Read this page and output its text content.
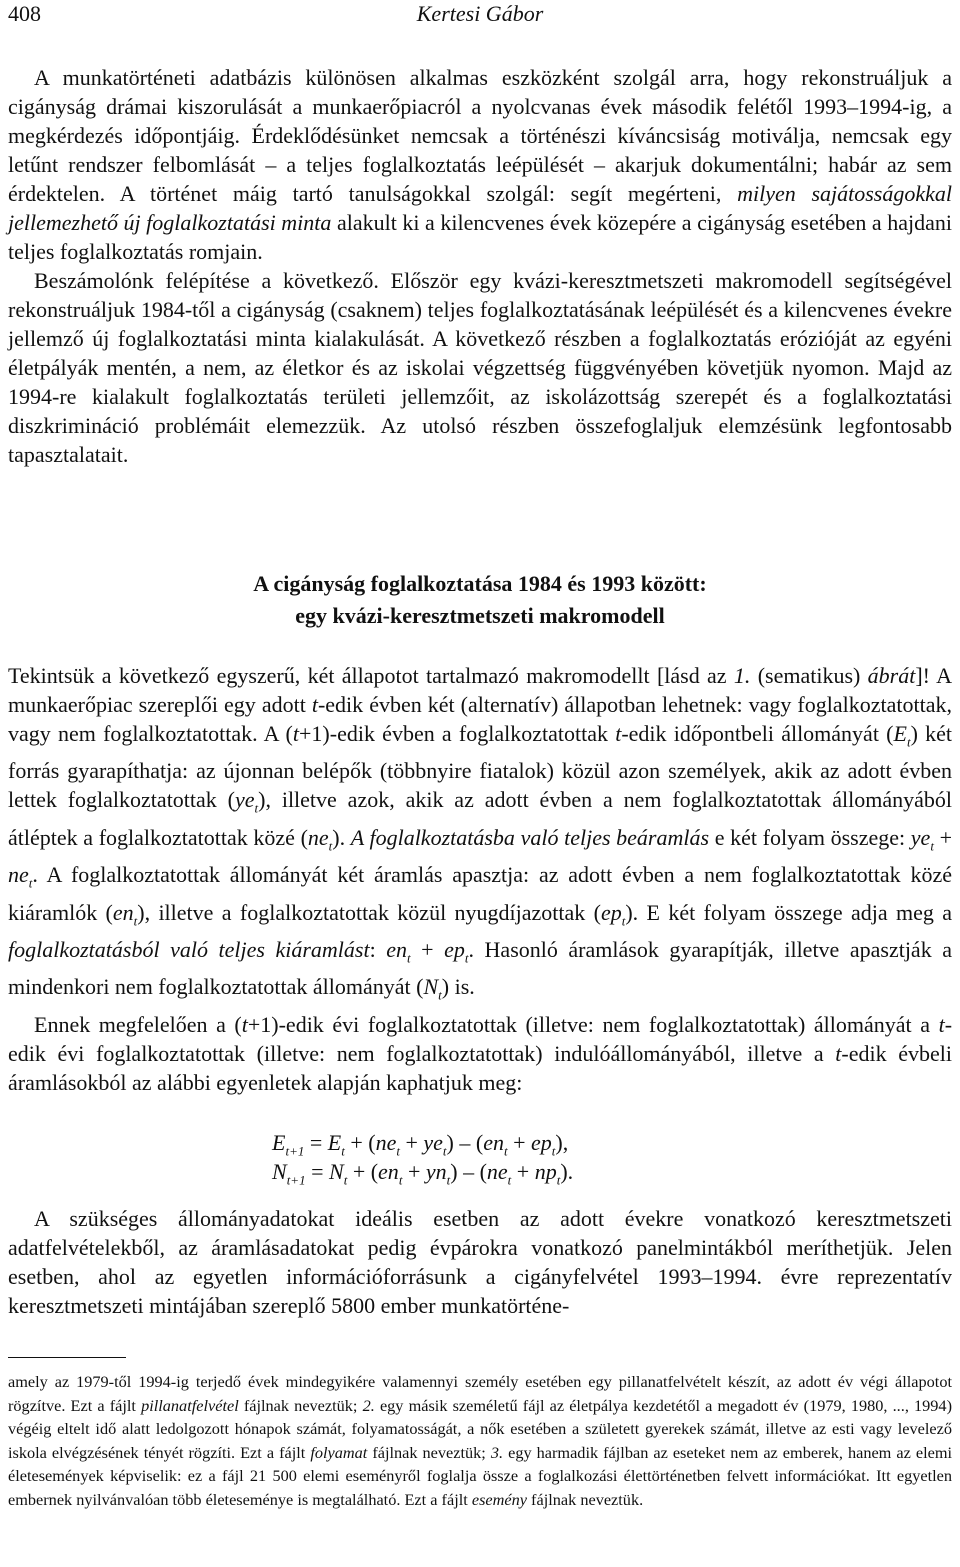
408	Kertesi Gábor

A munkatörténeti adatbázis különösen alkalmas eszközként szolgál arra, hogy rekonstruáljuk a cigányság drámai kiszorulását a munkaerőpiacról a nyolcvanas évek második felétől 1993–1994-ig, a megkérdezés időpontjáig. Érdeklődésünket nemcsak a történészi kíváncsiság motiválja, nemcsak egy letűnt rendszer felbomlását – a teljes foglalkoztatás leépülését – akarjuk dokumentálni; habár az sem érdektelen. A történet máig tartó tanulságokkal szolgál: segít megérteni, milyen sajátosságokkal jellemezhető új foglalkoztatási minta alakult ki a kilencvenes évek közepére a cigányság esetében a hajdani teljes foglalkoztatás romjain.

Beszámolónk felépítése a következő. Először egy kvázi-keresztmetszeti makromodell segítségével rekonstruáljuk 1984-től a cigányság (csaknem) teljes foglalkoztatásának leépülését és a kilencvenes évekre jellemző új foglalkoztatási minta kialakulását. A következő részben a foglalkoztatás erózióját az egyéni életpályák mentén, a nem, az életkor és az iskolai végzettség függvényében követjük nyomon. Majd az 1994-re kialakult foglalkoztatás területi jellemzőit, az iskolázottság szerepét és a foglalkoztatási diszkrimináció problémáit elemezzük. Az utolsó részben összefoglaljuk elemzésünk legfontosabb tapasztalatait.

A cigányság foglalkoztatása 1984 és 1993 között:
egy kvázi-keresztmetszeti makromodell

Tekintsük a következő egyszerű, két állapotot tartalmazó makromodellt [lásd az 1. (sematikus) ábrát]! A munkaerőpiac szereplői egy adott t-edik évben két (alternatív) állapotban lehetnek: vagy foglalkoztatottak, vagy nem foglalkoztatottak. A (t+1)-edik évben a foglalkoztatottak t-edik időpontbeli állományát $(E_t)$ két forrás gyarapíthatja: az újonnan belépők (többnyire fiatalok) közül azon személyek, akik az adott évben lettek foglalkoztatottak $(ye_t)$, illetve azok, akik az adott évben a nem foglalkoztatottak állományából átléptek a foglalkoztatottak közé $(ne_t)$. A foglalkoztatásba való teljes beáramlás e két folyam összege: $ye_t + ne_t$. A foglalkoztatottak állományát két áramlás apasztja: az adott évben a nem foglalkoztatottak közé kiáramlók $(en_t)$, illetve a foglalkoztatottak közül nyugdíjazottak $(ep_t)$. E két folyam összege adja meg a foglalkoztatásból való teljes kiáramlást: $en_t + ep_t$. Hasonló áramlások gyarapítják, illetve apasztják a mindenkori nem foglalkoztatottak állományát $(N_t)$ is.

Ennek megfelelően a (t+1)-edik évi foglalkoztatottak (illetve: nem foglalkoztatottak) állományát a t-edik évi foglalkoztatottak (illetve: nem foglalkoztatottak) indulóállományából, illetve a t-edik évbeli áramlásokból az alábbi egyenletek alapján kaphatjuk meg:

$E_{t+1} = E_t + (ne_t + ye_t) - (en_t + ep_t)$,
$N_{t+1} = N_t + (en_t + yn_t) - (ne_t + np_t)$.

A szükséges állományadatokat ideális esetben az adott évekre vonatkozó keresztmetszeti adatfelvételekből, az áramlásadatokat pedig évpárokra vonatkozó panelmintákból meríthetjük. Jelen esetben, ahol az egyetlen információforrásunk a cigányfelvétel 1993–1994. évre reprezentatív keresztmetszeti mintájában szereplő 5800 ember munkatörténe-

amely az 1979-től 1994-ig terjedő évek mindegyikére valamennyi személy esetében egy pillanatfelvételt készít, az adott év végi állapotot rögzítve. Ezt a fájlt pillanatfelvétel fájlnak neveztük; 2. egy másik személetű fájl az életpálya kezdetétől a megadott év (1979, 1980, ..., 1994) végéig eltelt idő alatt ledolgozott hónapok számát, folyamatosságát, a nők esetében a született gyerekek számát, illetve az esti vagy levelező iskola elvégzésének tényét rögzíti. Ezt a fájlt folyamat fájlnak neveztük; 3. egy harmadik fájlban az eseteket nem az emberek, hanem az elemi életesemények képviselik: ez a fájl 21 500 elemi eseményről foglalja össze a foglalkozási élettörténetben felvett információkat. Itt egyetlen embernek nyilvánvalóan több életeseménye is megtalálható. Ezt a fájlt esemény fájlnak neveztük.
